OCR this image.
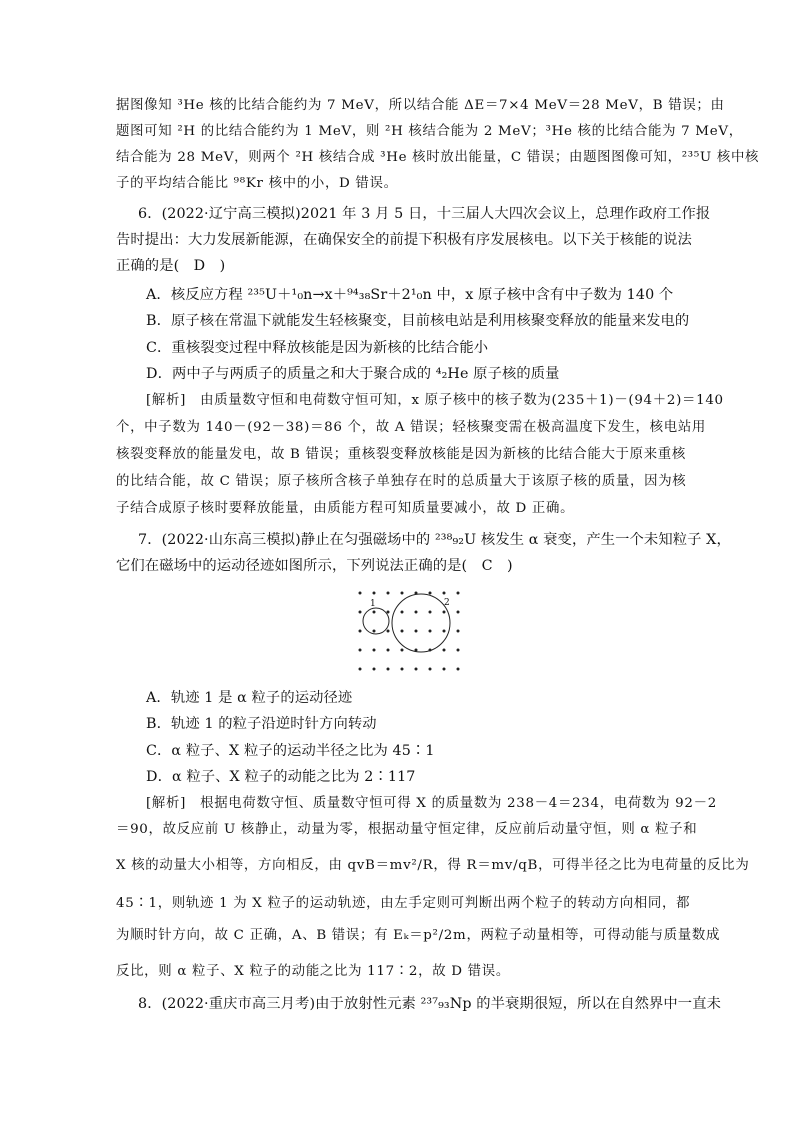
据图像知 ³He 核的比结合能约为 7 MeV，所以结合能 ΔE＝7×4 MeV＝28 MeV，B 错误；由
题图可知 ²H 的比结合能约为 1 MeV，则 ²H 核结合能为 2 MeV；³He 核的比结合能为 7 MeV，
结合能为 28 MeV，则两个 ²H 核结合成 ³He 核时放出能量，C 错误；由题图图像可知，²³⁵U 核中核
子的平均结合能比 ⁹⁸Kr 核中的小，D 错误。
6．(2022·辽宁高三模拟)2021 年 3 月 5 日，十三届人大四次会议上，总理作政府工作报
告时提出：大力发展新能源，在确保安全的前提下积极有序发展核电。以下关于核能的说法
正确的是(　D　)
A．核反应方程 ²³⁵U＋¹₀n→x＋⁹⁴₃₈Sr＋2¹₀n 中，x 原子核中含有中子数为 140 个
B．原子核在常温下就能发生轻核聚变，目前核电站是利用核聚变释放的能量来发电的
C．重核裂变过程中释放核能是因为新核的比结合能小
D．两中子与两质子的质量之和大于聚合成的 ⁴₂He 原子核的质量
[解析]　由质量数守恒和电荷数守恒可知，x 原子核中的核子数为(235＋1)－(94＋2)＝140
个，中子数为 140－(92－38)＝86 个，故 A 错误；轻核聚变需在极高温度下发生，核电站用
核裂变释放的能量发电，故 B 错误；重核裂变释放核能是因为新核的比结合能大于原来重核
的比结合能，故 C 错误；原子核所含核子单独存在时的总质量大于该原子核的质量，因为核
子结合成原子核时要释放能量，由质能方程可知质量要减小，故 D 正确。
7．(2022·山东高三模拟)静止在匀强磁场中的 ²³⁸₉₂U 核发生 α 衰变，产生一个未知粒子 X，
它们在磁场中的运动径迹如图所示，下列说法正确的是(　C　)
1	2
A．轨迹 1 是 α 粒子的运动径迹
B．轨迹 1 的粒子沿逆时针方向转动
C．α 粒子、X 粒子的运动半径之比为 45∶1
D．α 粒子、X 粒子的动能之比为 2∶117
[解析]　根据电荷数守恒、质量数守恒可得 X 的质量数为 238－4＝234，电荷数为 92－2
＝90，故反应前 U 核静止，动量为零，根据动量守恒定律，反应前后动量守恒，则 α 粒子和
X 核的动量大小相等，方向相反，由 qvB＝mv²/R，得 R＝mv/qB，可得半径之比为电荷量的反比为
45∶1，则轨迹 1 为 X 粒子的运动轨迹，由左手定则可判断出两个粒子的转动方向相同，都
为顺时针方向，故 C 正确，A、B 错误；有 Eₖ＝p²/2m，两粒子动量相等，可得动能与质量数成
反比，则 α 粒子、X 粒子的动能之比为 117∶2，故 D 错误。
8．(2022·重庆市高三月考)由于放射性元素 ²³⁷₉₃Np 的半衰期很短，所以在自然界中一直未
